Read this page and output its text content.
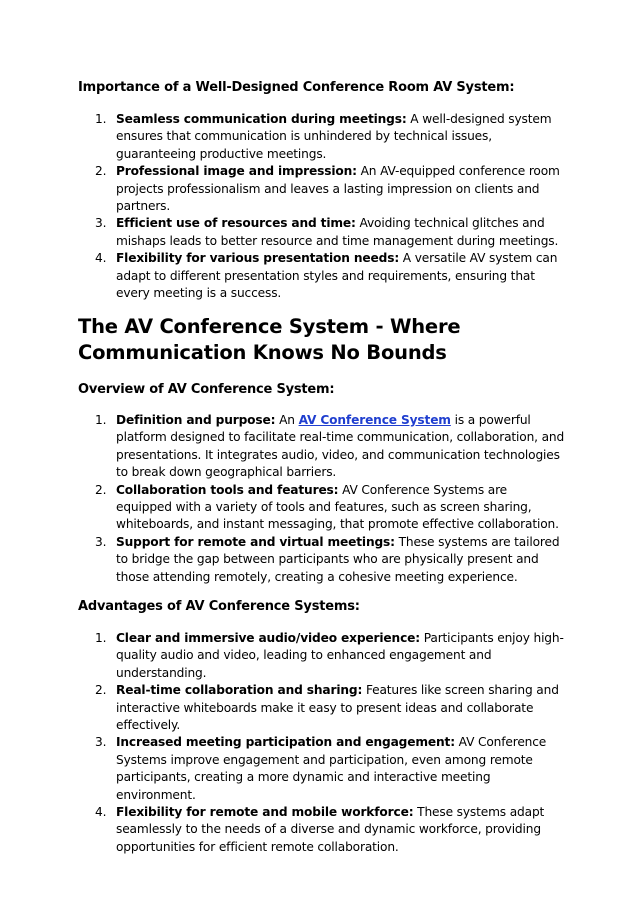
Importance of a Well-Designed Conference Room AV System:
1. Seamless communication during meetings: A well-designed system ensures that communication is unhindered by technical issues, guaranteeing productive meetings.
2. Professional image and impression: An AV-equipped conference room projects professionalism and leaves a lasting impression on clients and partners.
3. Efficient use of resources and time: Avoiding technical glitches and mishaps leads to better resource and time management during meetings.
4. Flexibility for various presentation needs: A versatile AV system can adapt to different presentation styles and requirements, ensuring that every meeting is a success.
The AV Conference System - Where Communication Knows No Bounds
Overview of AV Conference System:
1. Definition and purpose: An AV Conference System is a powerful platform designed to facilitate real-time communication, collaboration, and presentations. It integrates audio, video, and communication technologies to break down geographical barriers.
2. Collaboration tools and features: AV Conference Systems are equipped with a variety of tools and features, such as screen sharing, whiteboards, and instant messaging, that promote effective collaboration.
3. Support for remote and virtual meetings: These systems are tailored to bridge the gap between participants who are physically present and those attending remotely, creating a cohesive meeting experience.
Advantages of AV Conference Systems:
1. Clear and immersive audio/video experience: Participants enjoy high-quality audio and video, leading to enhanced engagement and understanding.
2. Real-time collaboration and sharing: Features like screen sharing and interactive whiteboards make it easy to present ideas and collaborate effectively.
3. Increased meeting participation and engagement: AV Conference Systems improve engagement and participation, even among remote participants, creating a more dynamic and interactive meeting environment.
4. Flexibility for remote and mobile workforce: These systems adapt seamlessly to the needs of a diverse and dynamic workforce, providing opportunities for efficient remote collaboration.
